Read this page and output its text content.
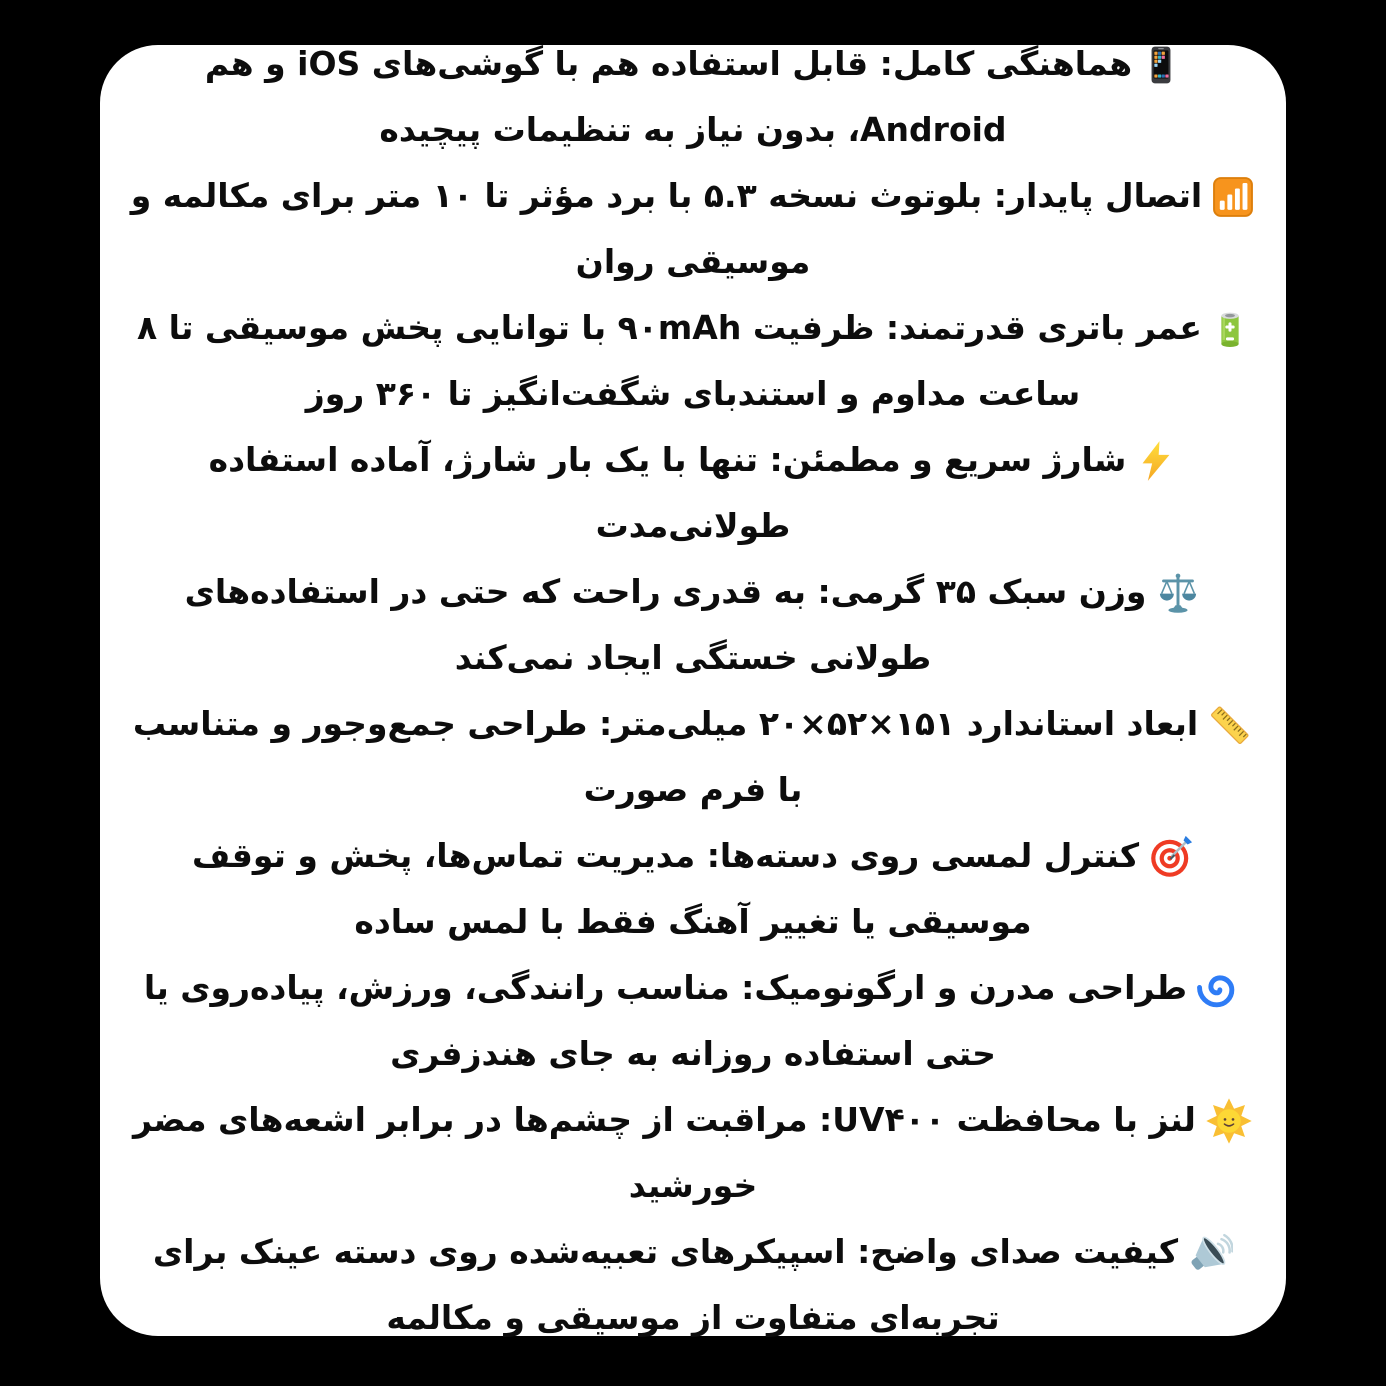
هماهنگی کامل: قابل استفاده هم با گوشی‌های iOS و هم Android، بدون نیاز به تنظیمات پیچیده
اتصال پایدار: بلوتوث نسخه ۵.۳ با برد مؤثر تا ۱۰ متر برای مکالمه و موسیقی روان
عمر باتری قدرتمند: ظرفیت ۹۰mAh با توانایی پخش موسیقی تا ۸ ساعت مداوم و استندبای شگفت‌انگیز تا ۳۶۰ روز
شارژ سریع و مطمئن: تنها با یک بار شارژ، آماده استفاده طولانی‌مدت
وزن سبک ۳۵ گرمی: به قدری راحت که حتی در استفاده‌های طولانی خستگی ایجاد نمی‌کند
ابعاد استاندارد ۱۵۱×۵۲×۲۰ میلی‌متر: طراحی جمع‌وجور و متناسب با فرم صورت
کنترل لمسی روی دسته‌ها: مدیریت تماس‌ها، پخش و توقف موسیقی یا تغییر آهنگ فقط با لمس ساده
طراحی مدرن و ارگونومیک: مناسب رانندگی، ورزش، پیاده‌روی یا حتی استفاده روزانه به جای هندزفری
لنز با محافظت UV۴۰۰: مراقبت از چشم‌ها در برابر اشعه‌های مضر خورشید
کیفیت صدای واضح: اسپیکرهای تعبیه‌شده روی دسته عینک برای تجربه‌ای متفاوت از موسیقی و مکالمه
